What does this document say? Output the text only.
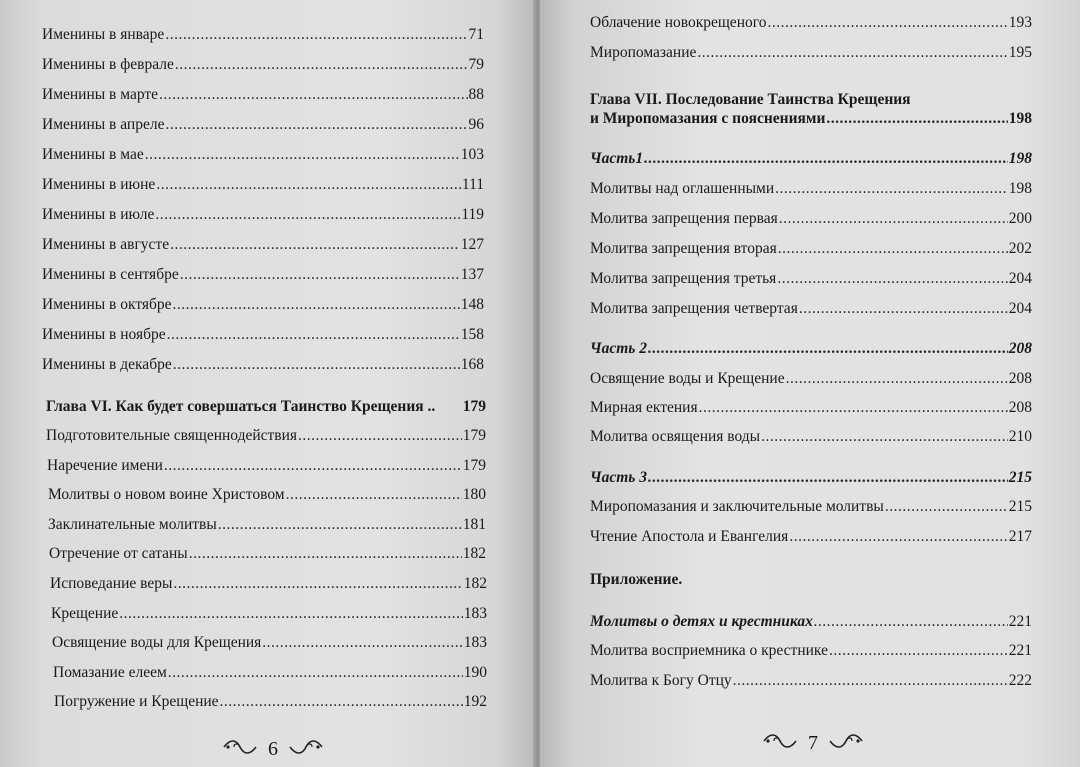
Именины в январе .....	71
Именины в феврале .....	79
Именины в марте .....	88
Именины в апреле .....	96
Именины в мае .....	103
Именины в июне .....	111
Именины в июле .....	119
Именины в августе .....	127
Именины в сентябре .....	137
Именины в октябре .....	148
Именины в ноябре .....	158
Именины в декабре .....	168
Глава VI. Как будет совершаться Таинство Крещения .. 179
Подготовительные священнодействия .....	179
Наречение имени .....	179
Молитвы о новом воине Христовом .....	180
Заклинательные молитвы .....	181
Отречение от сатаны .....	182
Исповедание веры .....	182
Крещение .....	183
Освящение воды для Крещения .....	183
Помазание елеем .....	190
Погружение и Крещение .....	192
6
Облачение новокрещеного .....	193
Миропомазание .....	195
Глава VII. Последование Таинства Крещения
и Миропомазания с пояснениями .....	198
Часть1 .....	198
Молитвы над оглашенными .....	198
Молитва запрещения первая .....	200
Молитва запрещения вторая .....	202
Молитва запрещения третья .....	204
Молитва запрещения четвертая .....	204
Часть 2 .....	208
Освящение воды и Крещение .....	208
Мирная ектения .....	208
Молитва освящения воды .....	210
Часть 3 .....	215
Миропомазания и заключительные молитвы .....	215
Чтение Апостола и Евангелия .....	217
Приложение.
Молитвы о детях и крестниках .....	221
Молитва восприемника о крестнике .....	221
Молитва к Богу Отцу .....	222
7
